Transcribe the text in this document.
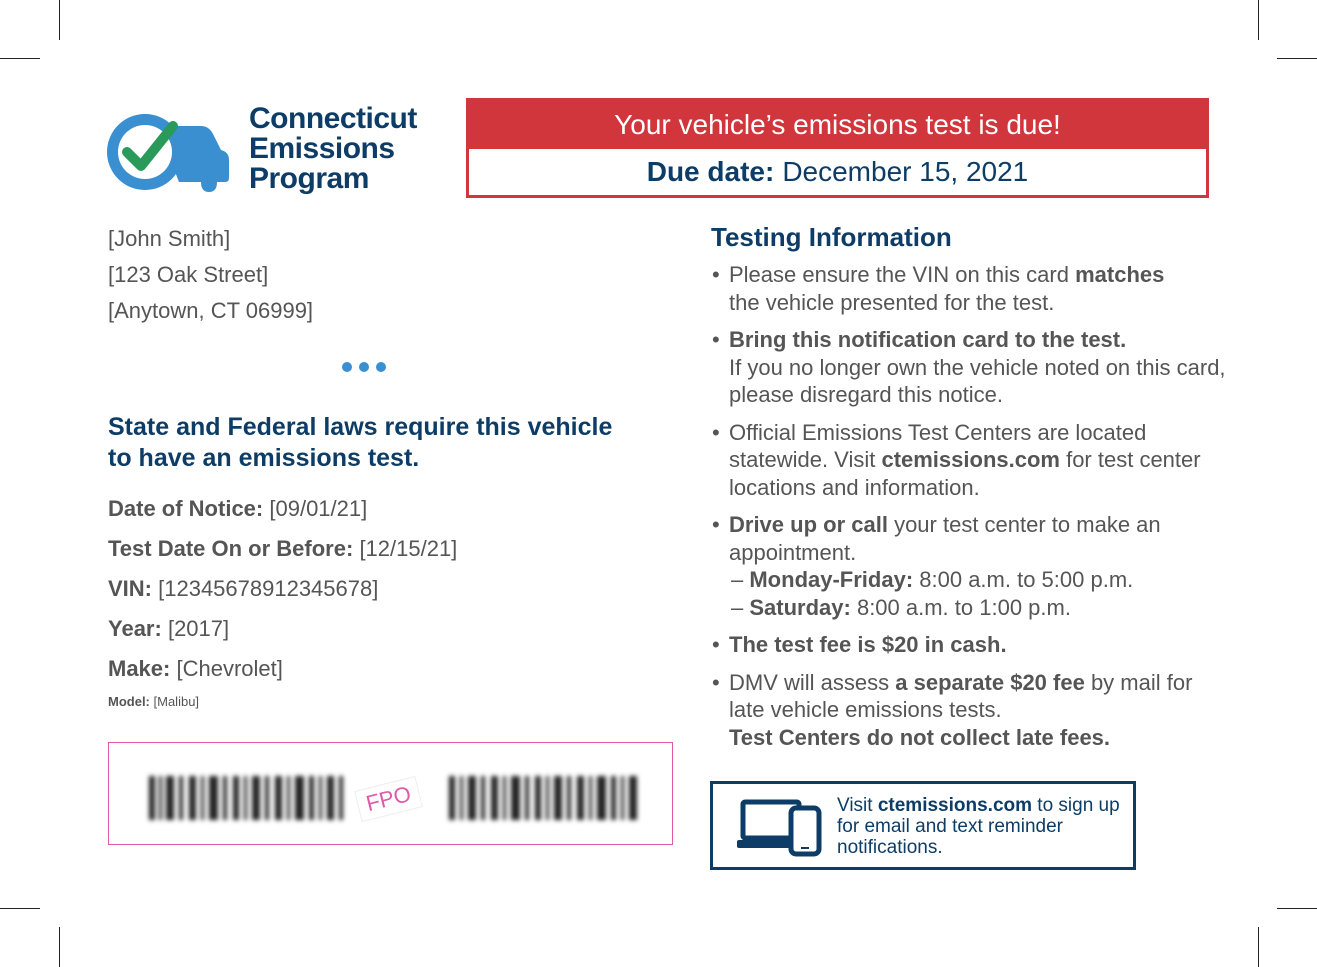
Connecticut
Emissions
Program
Your vehicle’s emissions test is due!
Due date: December 15, 2021
[John Smith]
[123 Oak Street]
[Anytown, CT 06999]
State and Federal laws require this vehicle to have an emissions test.
Date of Notice: [09/01/21]
Test Date On or Before: [12/15/21]
VIN: [12345678912345678]
Year: [2017]
Make: [Chevrolet]
Model: [Malibu]
FPO
Testing Information
• Please ensure the VIN on this card matches
the vehicle presented for the test.
• Bring this notification card to the test.
If you no longer own the vehicle noted on this card, please disregard this notice.
• Official Emissions Test Centers are located statewide. Visit ctemissions.com for test center locations and information.
• Drive up or call your test center to make an appointment.
– Monday-Friday: 8:00 a.m. to 5:00 p.m.
– Saturday: 8:00 a.m. to 1:00 p.m.
• The test fee is $20 in cash.
• DMV will assess a separate $20 fee by mail for late vehicle emissions tests.
Test Centers do not collect late fees.
Visit ctemissions.com to sign up for email and text reminder notifications.
